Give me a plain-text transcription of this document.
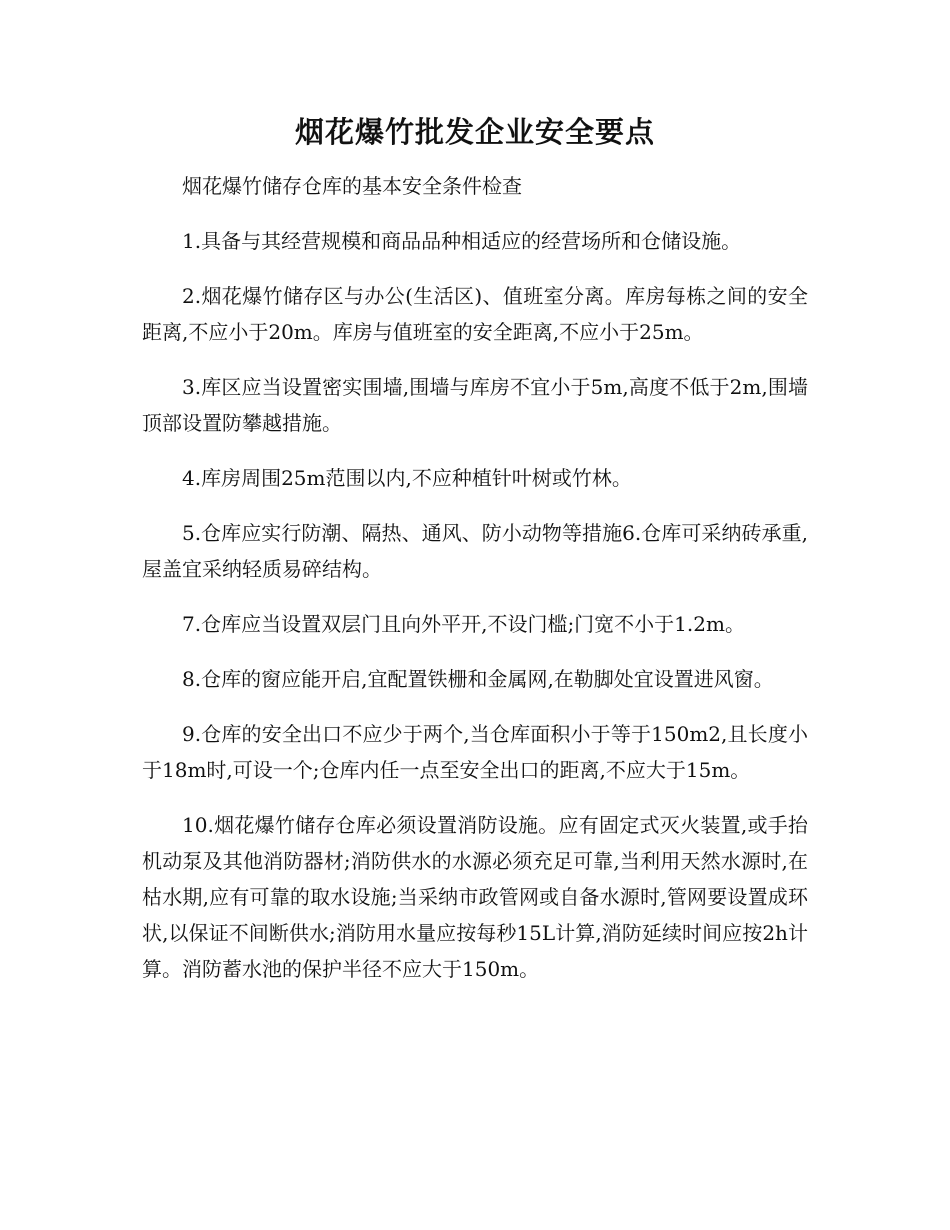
烟花爆竹批发企业安全要点

烟花爆竹储存仓库的基本安全条件检查

1.具备与其经营规模和商品品种相适应的经营场所和仓储设施。

2.烟花爆竹储存区与办公(生活区)、值班室分离。库房每栋之间的安全距离,不应小于20m。库房与值班室的安全距离,不应小于25m。

3.库区应当设置密实围墙,围墙与库房不宜小于5m,高度不低于2m,围墙顶部设置防攀越措施。

4.库房周围25m范围以内,不应种植针叶树或竹林。

5.仓库应实行防潮、隔热、通风、防小动物等措施6.仓库可采纳砖承重,屋盖宜采纳轻质易碎结构。

7.仓库应当设置双层门且向外平开,不设门槛;门宽不小于1.2m。

8.仓库的窗应能开启,宜配置铁栅和金属网,在勒脚处宜设置进风窗。

9.仓库的安全出口不应少于两个,当仓库面积小于等于150m2,且长度小于18m时,可设一个;仓库内任一点至安全出口的距离,不应大于15m。

10.烟花爆竹储存仓库必须设置消防设施。应有固定式灭火装置,或手抬机动泵及其他消防器材;消防供水的水源必须充足可靠,当利用天然水源时,在枯水期,应有可靠的取水设施;当采纳市政管网或自备水源时,管网要设置成环状,以保证不间断供水;消防用水量应按每秒15L计算,消防延续时间应按2h计算。消防蓄水池的保护半径不应大于150m。
